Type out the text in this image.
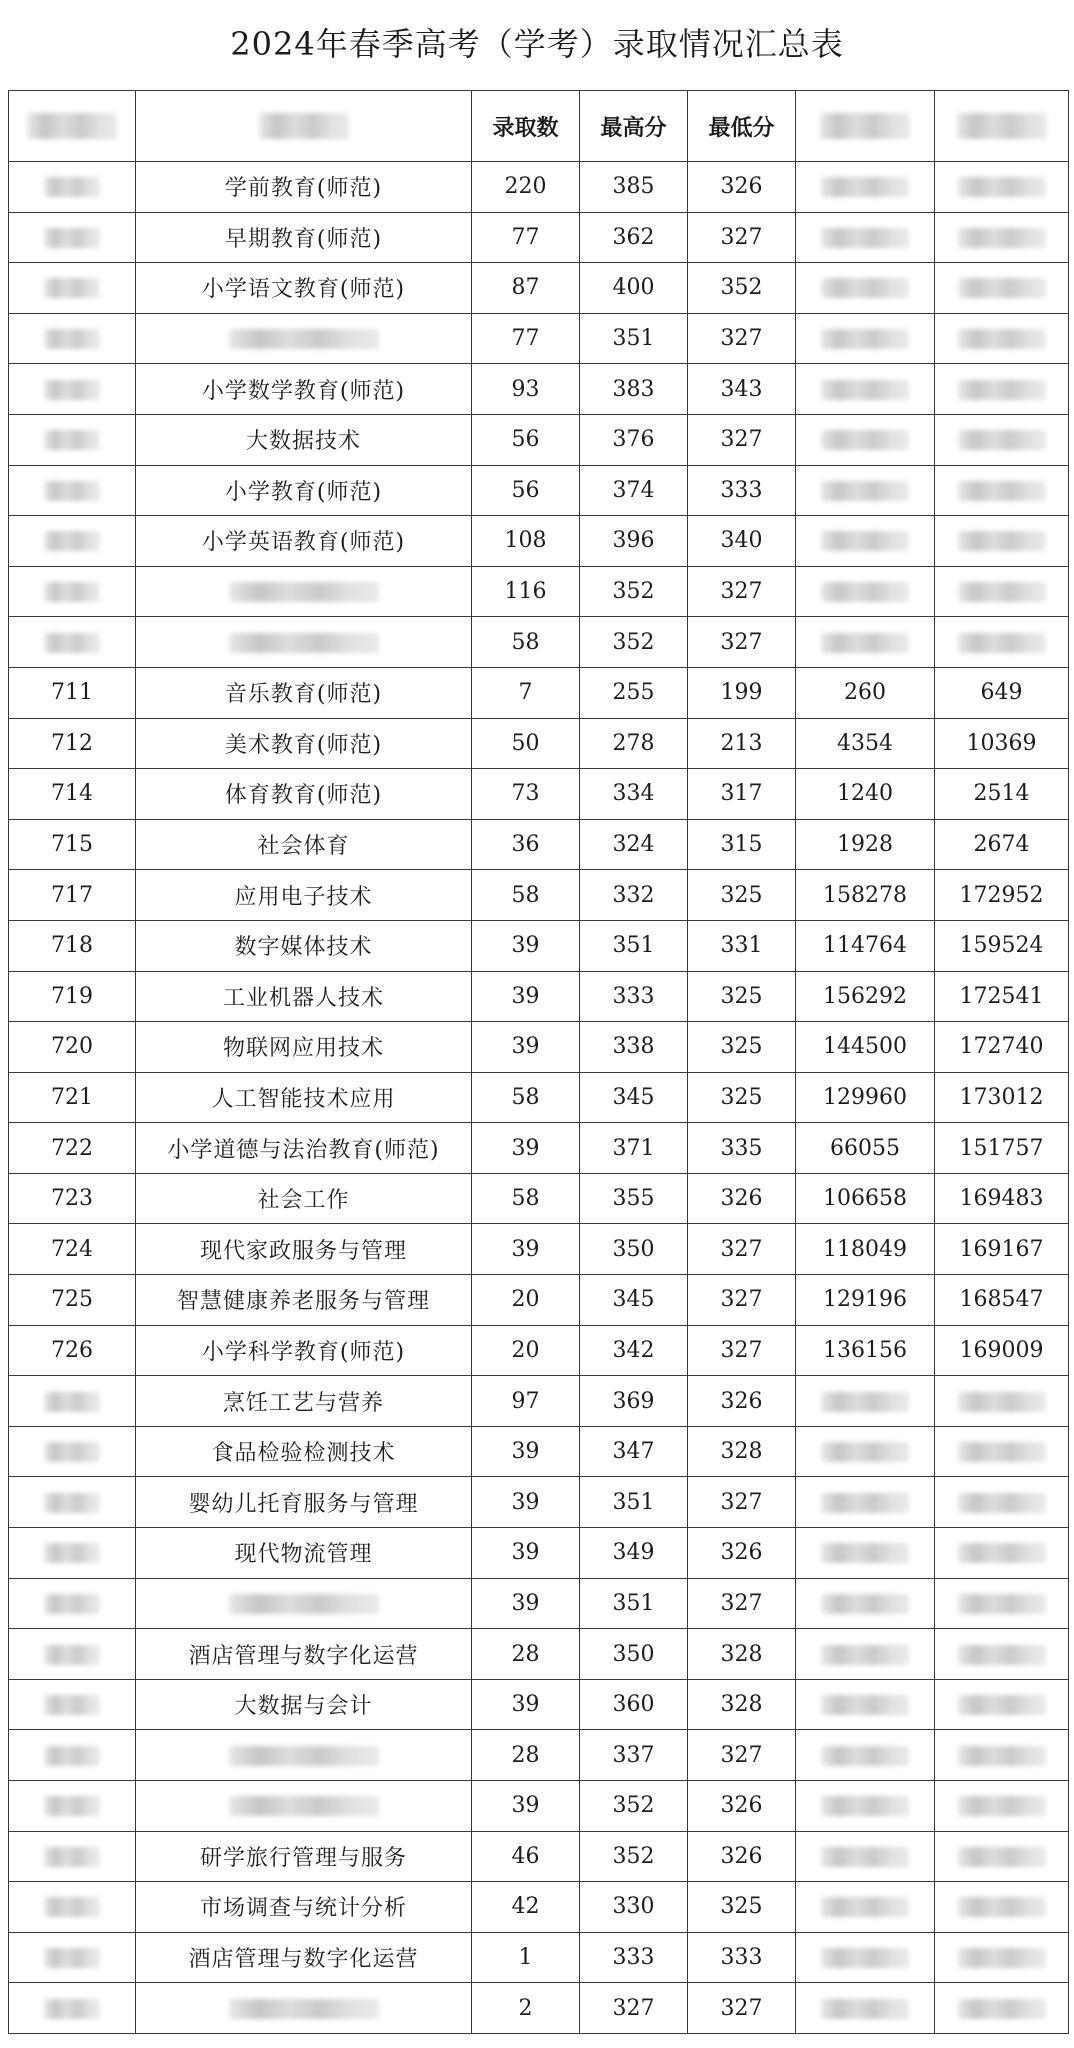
2024年春季高考（学考）录取情况汇总表
		录取数	最高分	最低分		
	学前教育(师范)	220	385	326		
	早期教育(师范)	77	362	327		
	小学语文教育(师范)	87	400	352		
		77	351	327		
	小学数学教育(师范)	93	383	343		
	大数据技术	56	376	327		
	小学教育(师范)	56	374	333		
	小学英语教育(师范)	108	396	340		
		116	352	327		
		58	352	327		
711	音乐教育(师范)	7	255	199	260	649
712	美术教育(师范)	50	278	213	4354	10369
714	体育教育(师范)	73	334	317	1240	2514
715	社会体育	36	324	315	1928	2674
717	应用电子技术	58	332	325	158278	172952
718	数字媒体技术	39	351	331	114764	159524
719	工业机器人技术	39	333	325	156292	172541
720	物联网应用技术	39	338	325	144500	172740
721	人工智能技术应用	58	345	325	129960	173012
722	小学道德与法治教育(师范)	39	371	335	66055	151757
723	社会工作	58	355	326	106658	169483
724	现代家政服务与管理	39	350	327	118049	169167
725	智慧健康养老服务与管理	20	345	327	129196	168547
726	小学科学教育(师范)	20	342	327	136156	169009
	烹饪工艺与营养	97	369	326		
	食品检验检测技术	39	347	328		
	婴幼儿托育服务与管理	39	351	327		
	现代物流管理	39	349	326		
		39	351	327		
	酒店管理与数字化运营	28	350	328		
	大数据与会计	39	360	328		
		28	337	327		
		39	352	326		
	研学旅行管理与服务	46	352	326		
	市场调查与统计分析	42	330	325		
	酒店管理与数字化运营	1	333	333		
		2	327	327		
